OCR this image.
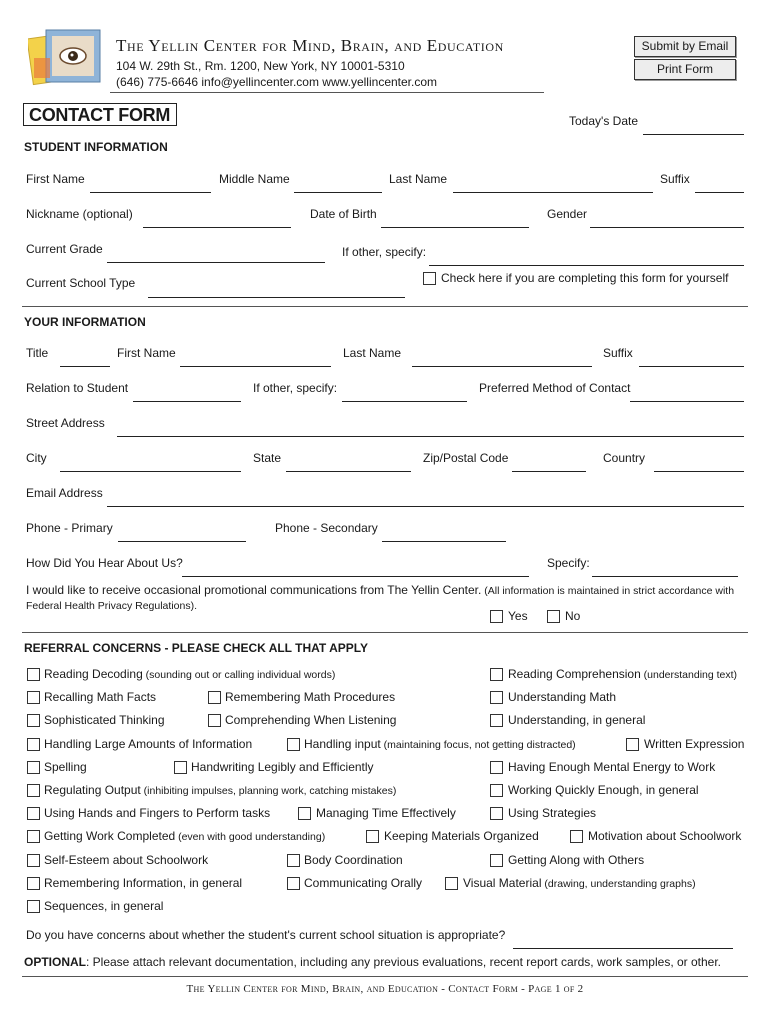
The Yellin Center for Mind, Brain, and Education
104 W. 29th St., Rm. 1200, New York, NY 10001-5310
(646) 775-6646 info@yellincenter.com www.yellincenter.com
Submit by Email
Print Form
CONTACT FORM	Today's Date
STUDENT INFORMATION
First Name	Middle Name	Last Name	Suffix
Nickname (optional)	Date of Birth	Gender
Current Grade	If other, specify:
Check here if you are completing this form for yourself
Current School Type
YOUR INFORMATION
Title	First Name	Last Name	Suffix
Relation to Student	If other, specify:	Preferred Method of Contact
Street Address
City	State	Zip/Postal Code	Country
Email Address
Phone - Primary	Phone - Secondary
How Did You Hear About Us?	Specify:
I would like to receive occasional promotional communications from The Yellin Center. (All information is maintained in strict accordance with Federal Health Privacy Regulations).
Yes	No
REFERRAL CONCERNS - PLEASE CHECK ALL THAT APPLY
Reading Decoding (sounding out or calling individual words)	Reading Comprehension (understanding text)
Recalling Math Facts	Remembering Math Procedures	Understanding Math
Sophisticated Thinking	Comprehending When Listening	Understanding, in general
Handling Large Amounts of Information	Handling input (maintaining focus, not getting distracted)	Written Expression
Spelling	Handwriting Legibly and Efficiently	Having Enough Mental Energy to Work
Regulating Output (inhibiting impulses, planning work, catching mistakes)	Working Quickly Enough, in general
Using Hands and Fingers to Perform tasks	Managing Time Effectively	Using Strategies
Getting Work Completed (even with good understanding)	Keeping Materials Organized	Motivation about Schoolwork
Self-Esteem about Schoolwork	Body Coordination	Getting Along with Others
Remembering Information, in general	Communicating Orally	Visual Material (drawing, understanding graphs)
Sequences, in general
Do you have concerns about whether the student's current school situation is appropriate?
OPTIONAL: Please attach relevant documentation, including any previous evaluations, recent report cards, work samples, or other.
The Yellin Center for Mind, Brain, and Education - Contact Form - Page 1 of 2
